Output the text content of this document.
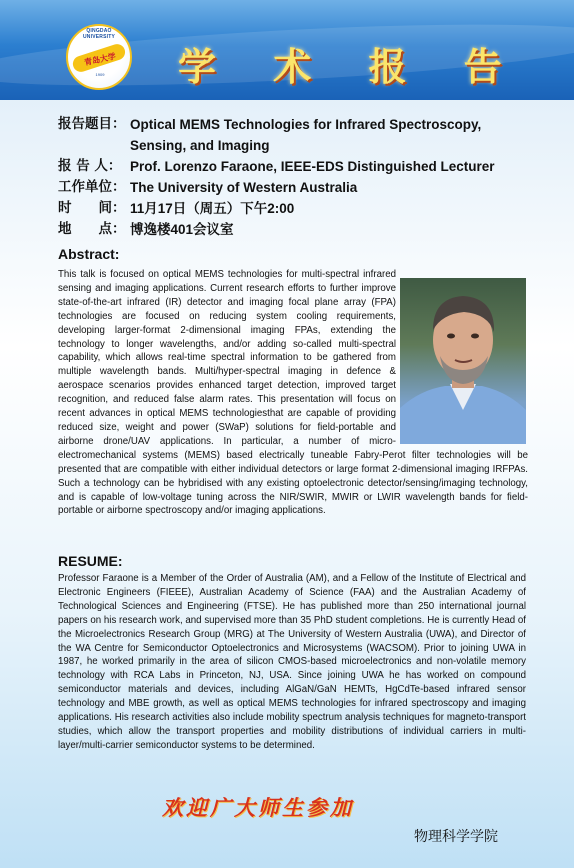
QINGDAO UNIVERSITY
青岛大学
1909 学 术 报 告
报告题目： Optical MEMS Technologies for Infrared Spectroscopy, Sensing, and Imaging
报 告 人： Prof. Lorenzo Faraone, IEEE-EDS Distinguished Lecturer
工作单位： The University of Western Australia
时　　间： 11月17日（周五）下午2:00
地　　点： 博逸楼401会议室
Abstract:
This talk is focused on optical MEMS technologies for multi-spectral infrared sensing and imaging applications. Current research efforts to further improve state-of-the-art infrared (IR) detector and imaging focal plane array (FPA) technologies are focused on reducing system cooling requirements, developing larger-format 2-dimensional imaging FPAs, extending the technology to longer wavelengths, and/or adding so-called multi-spectral capability, which allows real-time spectral information to be gathered from multiple wavelength bands. Multi/hyper-spectral imaging in defence & aerospace scenarios provides enhanced target detection, improved target recognition, and reduced false alarm rates. This presentation will focus on recent advances in optical MEMS technologiesthat are capable of providing reduced size, weight and power (SWaP) solutions for field-portable and airborne drone/UAV applications. In particular, a number of micro-electromechanical systems (MEMS) based electrically tuneable Fabry-Perot filter technologies will be presented that are compatible with either individual detectors or large format 2-dimensional imaging IRFPAs. Such a technology can be hybridised with any existing optoelectronic detector/sensing/imaging technology, and is capable of low-voltage tuning across the NIR/SWIR, MWIR or LWIR wavelength bands for field-portable or airborne spectroscopy and/or imaging applications.
RESUME:
Professor Faraone is a Member of the Order of Australia (AM), and a Fellow of the Institute of Electrical and Electronic Engineers (FIEEE), Australian Academy of Science (FAA) and the Australian Academy of Technological Sciences and Engineering (FTSE). He has published more than 250 international journal papers on his research work, and supervised more than 35 PhD student completions. He is currently Head of the Microelectronics Research Group (MRG) at The University of Western Australia (UWA), and Director of the WA Centre for Semiconductor Optoelectronics and Microsystems (WACSOM). Prior to joining UWA in 1987, he worked primarily in the area of silicon CMOS-based microelectronics and non-volatile memory technology with RCA Labs in Princeton, NJ, USA. Since joining UWA he has worked on compound semiconductor materials and devices, including AlGaN/GaN HEMTs, HgCdTe-based infrared sensor technology and MBE growth, as well as optical MEMS technologies for infrared spectroscopy and imaging applications. His research activities also include mobility spectrum analysis techniques for magneto-transport studies, which allow the transport properties and mobility distributions of individual carriers in multi-layer/multi-carrier semiconductor systems to be determined.
欢迎广大师生参加
物理科学学院
